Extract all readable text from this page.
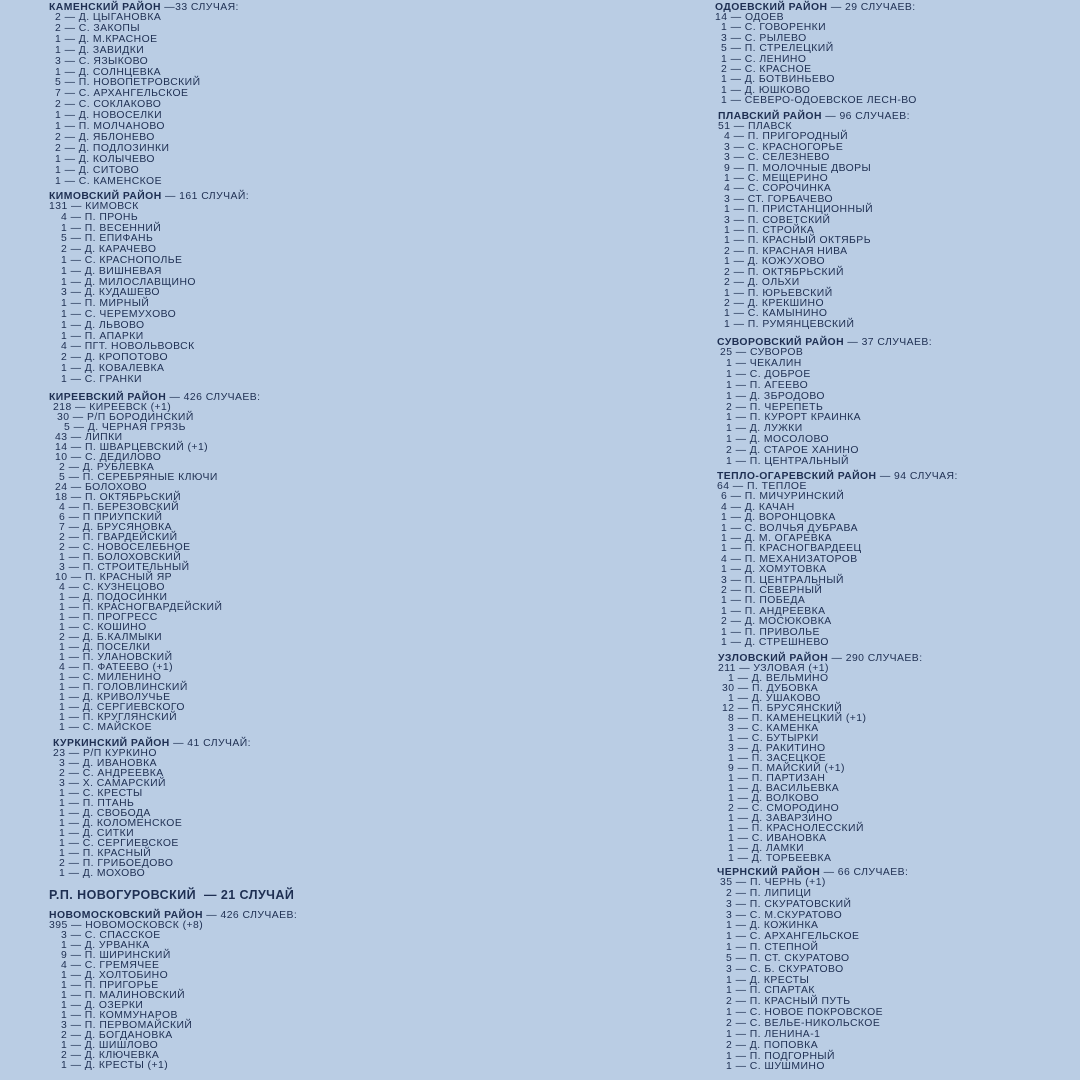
КАМЕНСКИЙ РАЙОН —33 СЛУЧАЯ:
2 — Д. ЦЫГАНОВКА
2 — С. ЗАКОПЫ
1 — Д. М.КРАСНОЕ
1 — Д. ЗАВИДКИ
3 — С. ЯЗЫКОВО
1 — Д. СОЛНЦЕВКА
5 — П. НОВОПЕТРОВСКИЙ
7 — С. АРХАНГЕЛЬСКОЕ
2 — С. СОКЛАКОВО
1 — Д. НОВОСЕЛКИ
1 — П. МОЛЧАНОВО
2 — Д. ЯБЛОНЕВО
2 — Д. ПОДЛОЗИНКИ
1 — Д. КОЛЫЧЕВО
1 — Д. СИТОВО
1 — С. КАМЕНСКОЕ
КИМОВСКИЙ РАЙОН — 161 СЛУЧАЙ:
131 — КИМОВСК
4 — П. ПРОНЬ
1 — П. ВЕСЕННИЙ
5 — П. ЕПИФАНЬ
2 — Д. КАРАЧЕВО
1 — С. КРАСНОПОЛЬЕ
1 — Д. ВИШНЕВАЯ
1 — Д. МИЛОСЛАВЩИНО
3 — Д. КУДАШЕВО
1 — П. МИРНЫЙ
1 — С. ЧЕРЕМУХОВО
1 — Д. ЛЬВОВО
1 — П. АПАРКИ
4 — ПГТ. НОВОЛЬВОВСК
2 — Д. КРОПОТОВО
1 — Д. КОВАЛЕВКА
1 — С. ГРАНКИ
КИРЕЕВСКИЙ РАЙОН — 426 СЛУЧАЕВ:
218 — КИРЕЕВСК (+1)
30 — Р/П БОРОДИНСКИЙ
5 — Д. ЧЕРНАЯ ГРЯЗЬ
43 — ЛИПКИ
14 — П. ШВАРЦЕВСКИЙ (+1)
10 — С. ДЕДИЛОВО
2 — Д. РУБЛЕВКА
5 — П. СЕРЕБРЯНЫЕ КЛЮЧИ
24 — БОЛОХОВО
18 — П. ОКТЯБРЬСКИЙ
4 — П. БЕРЕЗОВСКИЙ
6 — П ПРИУПСКИЙ
7 — Д. БРУСЯНОВКА
2 — П. ГВАРДЕЙСКИЙ
2 — С. НОВОСЕЛЕБНОЕ
1 — П. БОЛОХОВСКИЙ
3 — П. СТРОИТЕЛЬНЫЙ
10 — П. КРАСНЫЙ ЯР
4 — С. КУЗНЕЦОВО
1 — Д. ПОДОСИНКИ
1 — П. КРАСНОГВАРДЕЙСКИЙ
1 — П. ПРОГРЕСС
1 — С. КОШИНО
2 — Д. Б.КАЛМЫКИ
1 — Д. ПОСЕЛКИ
1 — П. УЛАНОВСКИЙ
4 — П. ФАТЕЕВО (+1)
1 — С. МИЛЕНИНО
1 — П. ГОЛОВЛИНСКИЙ
1 — Д. КРИВОЛУЧЬЕ
1 — Д. СЕРГИЕВСКОГО
1 — П. КРУГЛЯНСКИЙ
1 — С. МАЙСКОЕ
КУРКИНСКИЙ РАЙОН — 41 СЛУЧАЙ:
23 — Р/П КУРКИНО
3 — Д. ИВАНОВКА
2 — С. АНДРЕЕВКА
3 — Х. САМАРСКИЙ
1 — С. КРЕСТЫ
1 — П. ПТАНЬ
1 — Д. СВОБОДА
1 — Д. КОЛОМЕНСКОЕ
1 — Д. СИТКИ
1 — С. СЕРГИЕВСКОЕ
1 — П. КРАСНЫЙ
2 — П. ГРИБОЕДОВО
1 — Д. МОХОВО
Р.П. НОВОГУРОВСКИЙ — 21 СЛУЧАЙ
НОВОМОСКОВСКИЙ РАЙОН — 426 СЛУЧАЕВ:
395 — НОВОМОСКОВСК (+8)
3 — С. СПАССКОЕ
1 — Д. УРВАНКА
9 — П. ШИРИНСКИЙ
4 — С. ГРЕМЯЧЕЕ
1 — Д. ХОЛТОБИНО
1 — П. ПРИГОРЬЕ
1 — П. МАЛИНОВСКИЙ
1 — Д. ОЗЕРКИ
1 — П. КОММУНАРОВ
3 — П. ПЕРВОМАЙСКИЙ
2 — Д. БОГДАНОВКА
1 — Д. ШИШЛОВО
2 — Д. КЛЮЧЕВКА
1 — Д. КРЕСТЫ (+1)
ОДОЕВСКИЙ РАЙОН — 29 СЛУЧАЕВ:
14 — ОДОЕВ
1 — С. ГОВОРЕНКИ
3 — С. РЫЛЕВО
5 — П. СТРЕЛЕЦКИЙ
1 — С. ЛЕНИНО
2 — С. КРАСНОЕ
1 — Д. БОТВИНЬЕВО
1 — Д. ЮШКОВО
1 — СЕВЕРО-ОДОЕВСКОЕ ЛЕСН-ВО
ПЛАВСКИЙ РАЙОН — 96 СЛУЧАЕВ:
51 — ПЛАВСК
4 — П. ПРИГОРОДНЫЙ
3 — С. КРАСНОГОРЬЕ
3 — С. СЕЛЕЗНЕВО
9 — П. МОЛОЧНЫЕ ДВОРЫ
1 — С. МЕЩЕРИНО
4 — С. СОРОЧИНКА
3 — СТ. ГОРБАЧЕВО
1 — П. ПРИСТАНЦИОННЫЙ
3 — П. СОВЕТСКИЙ
1 — П. СТРОЙКА
1 — П. КРАСНЫЙ ОКТЯБРЬ
2 — П. КРАСНАЯ НИВА
1 — Д. КОЖУХОВО
2 — П. ОКТЯБРЬСКИЙ
2 — Д. ОЛЬХИ
1 — П. ЮРЬЕВСКИЙ
2 — Д. КРЕКШИНО
1 — С. КАМЫНИНО
1 — П. РУМЯНЦЕВСКИЙ
СУВОРОВСКИЙ РАЙОН — 37 СЛУЧАЕВ:
25 — СУВОРОВ
1 — ЧЕКАЛИН
1 — С. ДОБРОЕ
1 — П. АГЕЕВО
1 — Д. ЗБРОДОВО
2 — П. ЧЕРЕПЕТЬ
1 — П. КУРОРТ КРАИНКА
1 — Д. ЛУЖКИ
1 — Д. МОСОЛОВО
2 — Д. СТАРОЕ ХАНИНО
1 — П. ЦЕНТРАЛЬНЫЙ
ТЕПЛО-ОГАРЕВСКИЙ РАЙОН — 94 СЛУЧАЯ:
64 — П. ТЕПЛОЕ
6 — П. МИЧУРИНСКИЙ
4 — Д. КАЧАН
1 — Д. ВОРОНЦОВКА
1 — С. ВОЛЧЬЯ ДУБРАВА
1 — Д. М. ОГАРЕВКА
1 — П. КРАСНОГВАРДЕЕЦ
4 — П. МЕХАНИЗАТОРОВ
1 — Д. ХОМУТОВКА
3 — П. ЦЕНТРАЛЬНЫЙ
2 — П. СЕВЕРНЫЙ
1 — П. ПОБЕДА
1 — П. АНДРЕЕВКА
2 — Д. МОСЮКОВКА
1 — П. ПРИВОЛЬЕ
1 — Д. СТРЕШНЕВО
УЗЛОВСКИЙ РАЙОН — 290 СЛУЧАЕВ:
211 — УЗЛОВАЯ (+1)
1 — Д. ВЕЛЬМИНО
30 — П. ДУБОВКА
1 — Д. УШАКОВО
12 — П. БРУСЯНСКИЙ
8 — П. КАМЕНЕЦКИЙ (+1)
3 — С. КАМЕНКА
1 — С. БУТЫРКИ
3 — Д. РАКИТИНО
1 — П. ЗАСЕЦКОЕ
9 — П. МАЙСКИЙ (+1)
1 — П. ПАРТИЗАН
1 — Д. ВАСИЛЬЕВКА
1 — Д. ВОЛКОВО
2 — С. СМОРОДИНО
1 — Д. ЗАВАРЗИНО
1 — П. КРАСНОЛЕССКИЙ
1 — С. ИВАНОВКА
1 — Д. ЛАМКИ
1 — Д. ТОРБЕЕВКА
ЧЕРНСКИЙ РАЙОН — 66 СЛУЧАЕВ:
35 — П. ЧЕРНЬ (+1)
2 — П. ЛИПИЦИ
3 — П. СКУРАТОВСКИЙ
3 — С. М.СКУРАТОВО
1 — Д. КОЖИНКА
1 — С. АРХАНГЕЛЬСКОЕ
1 — П. СТЕПНОЙ
5 — П. СТ. СКУРАТОВО
3 — С. Б. СКУРАТОВО
1 — Д. КРЕСТЫ
1 — П. СПАРТАК
2 — П. КРАСНЫЙ ПУТЬ
1 — С. НОВОЕ ПОКРОВСКОЕ
2 — С. ВЕЛЬЕ-НИКОЛЬСКОЕ
1 — П. ЛЕНИНА-1
2 — Д. ПОПОВКА
1 — П. ПОДГОРНЫЙ
1 — С. ШУШМИНО
